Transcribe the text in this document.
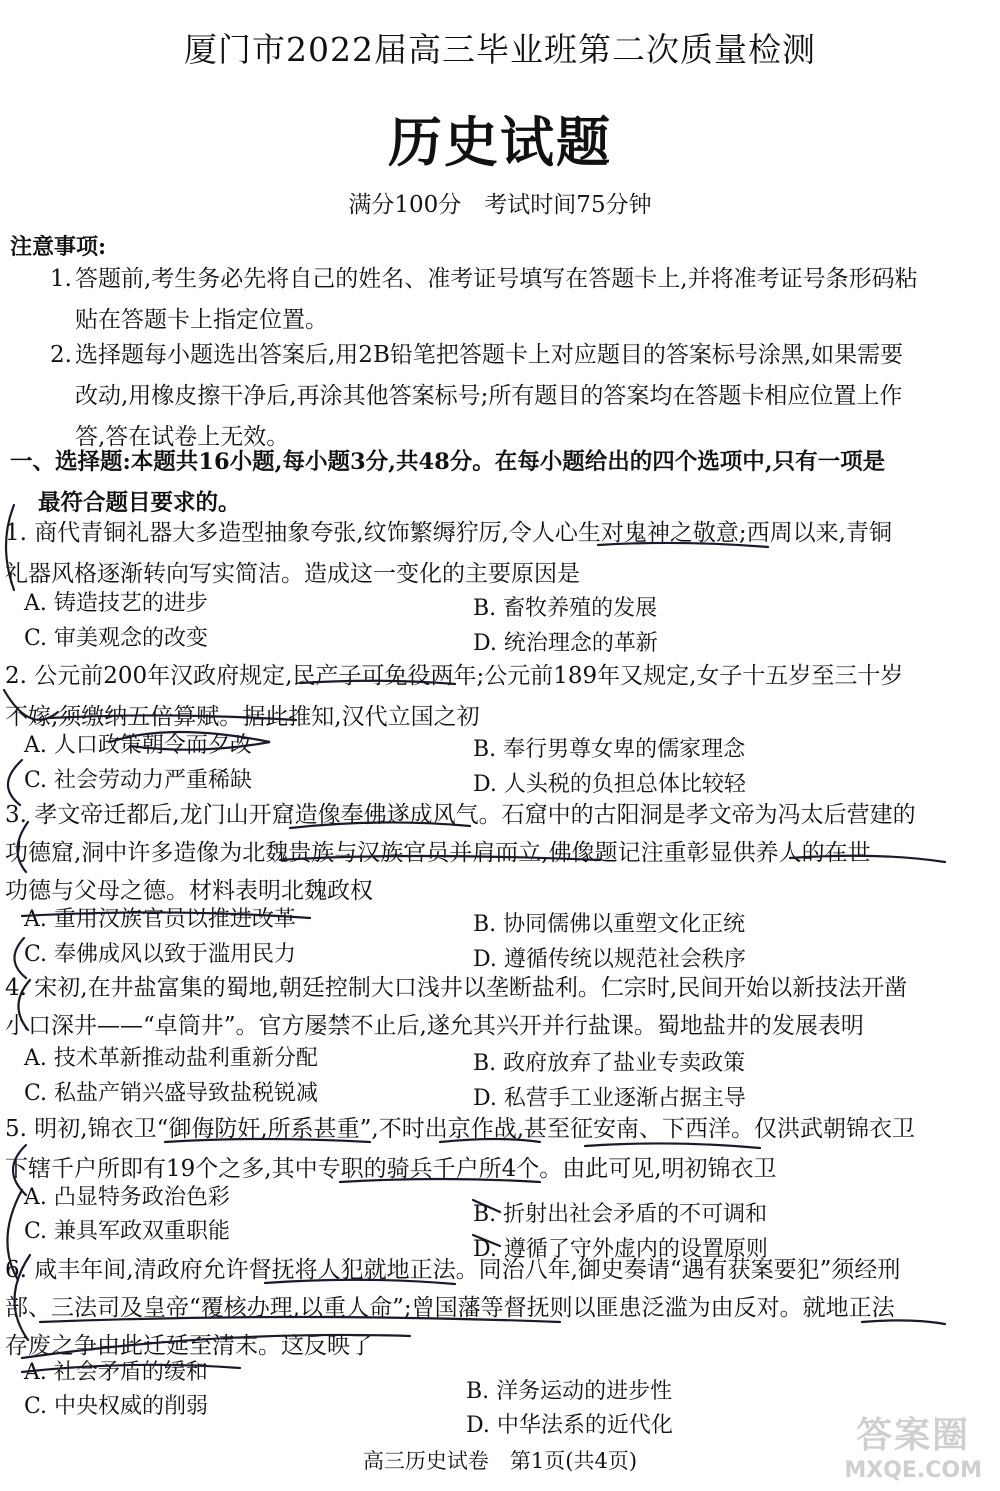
厦门市2022届高三毕业班第二次质量检测
历史试题
满分100分　考试时间75分钟
注意事项:
1. 答题前,考生务必先将自己的姓名、准考证号填写在答题卡上,并将准考证号条形码粘
贴在答题卡上指定位置。
2. 选择题每小题选出答案后,用2B铅笔把答题卡上对应题目的答案标号涂黑,如果需要
改动,用橡皮擦干净后,再涂其他答案标号;所有题目的答案均在答题卡相应位置上作
答,答在试卷上无效。
一、选择题:本题共16小题,每小题3分,共48分。在每小题给出的四个选项中,只有一项是
最符合题目要求的。
1. 商代青铜礼器大多造型抽象夸张,纹饰繁缛狞厉,令人心生对鬼神之敬意;西周以来,青铜
礼器风格逐渐转向写实简洁。造成这一变化的主要原因是
A. 铸造技艺的进步	B. 畜牧养殖的发展
C. 审美观念的改变	D. 统治理念的革新
2. 公元前200年汉政府规定,民产子可免役两年;公元前189年又规定,女子十五岁至三十岁
不嫁,须缴纳五倍算赋。据此推知,汉代立国之初
A. 人口政策朝令而夕改	B. 奉行男尊女卑的儒家理念
C. 社会劳动力严重稀缺	D. 人头税的负担总体比较轻
3. 孝文帝迁都后,龙门山开窟造像奉佛遂成风气。石窟中的古阳洞是孝文帝为冯太后营建的
功德窟,洞中许多造像为北魏贵族与汉族官员并肩而立,佛像题记注重彰显供养人的在世
功德与父母之德。材料表明北魏政权
A. 重用汉族官员以推进改革	B. 协同儒佛以重塑文化正统
C. 奉佛成风以致于滥用民力	D. 遵循传统以规范社会秩序
4. 宋初,在井盐富集的蜀地,朝廷控制大口浅井以垄断盐利。仁宗时,民间开始以新技法开凿
小口深井——“卓筒井”。官方屡禁不止后,遂允其兴开并行盐课。蜀地盐井的发展表明
A. 技术革新推动盐利重新分配	B. 政府放弃了盐业专卖政策
C. 私盐产销兴盛导致盐税锐减	D. 私营手工业逐渐占据主导
5. 明初,锦衣卫“御侮防奸,所系甚重”,不时出京作战,甚至征安南、下西洋。仅洪武朝锦衣卫
下辖千户所即有19个之多,其中专职的骑兵千户所4个。由此可见,明初锦衣卫
A. 凸显特务政治色彩
B. 折射出社会矛盾的不可调和
C. 兼具军政双重职能
D. 遵循了守外虚内的设置原则
6. 咸丰年间,清政府允许督抚将人犯就地正法。同治八年,御史奏请“遇有获案要犯”须经刑
部、三法司及皇帝“覆核办理,以重人命”;曾国藩等督抚则以匪患泛滥为由反对。就地正法
存废之争由此迁延至清末。这反映了
A. 社会矛盾的缓和
B. 洋务运动的进步性
C. 中央权威的削弱
D. 中华法系的近代化
高三历史试卷　第1页(共4页)
答案圈
MXQE.COM
